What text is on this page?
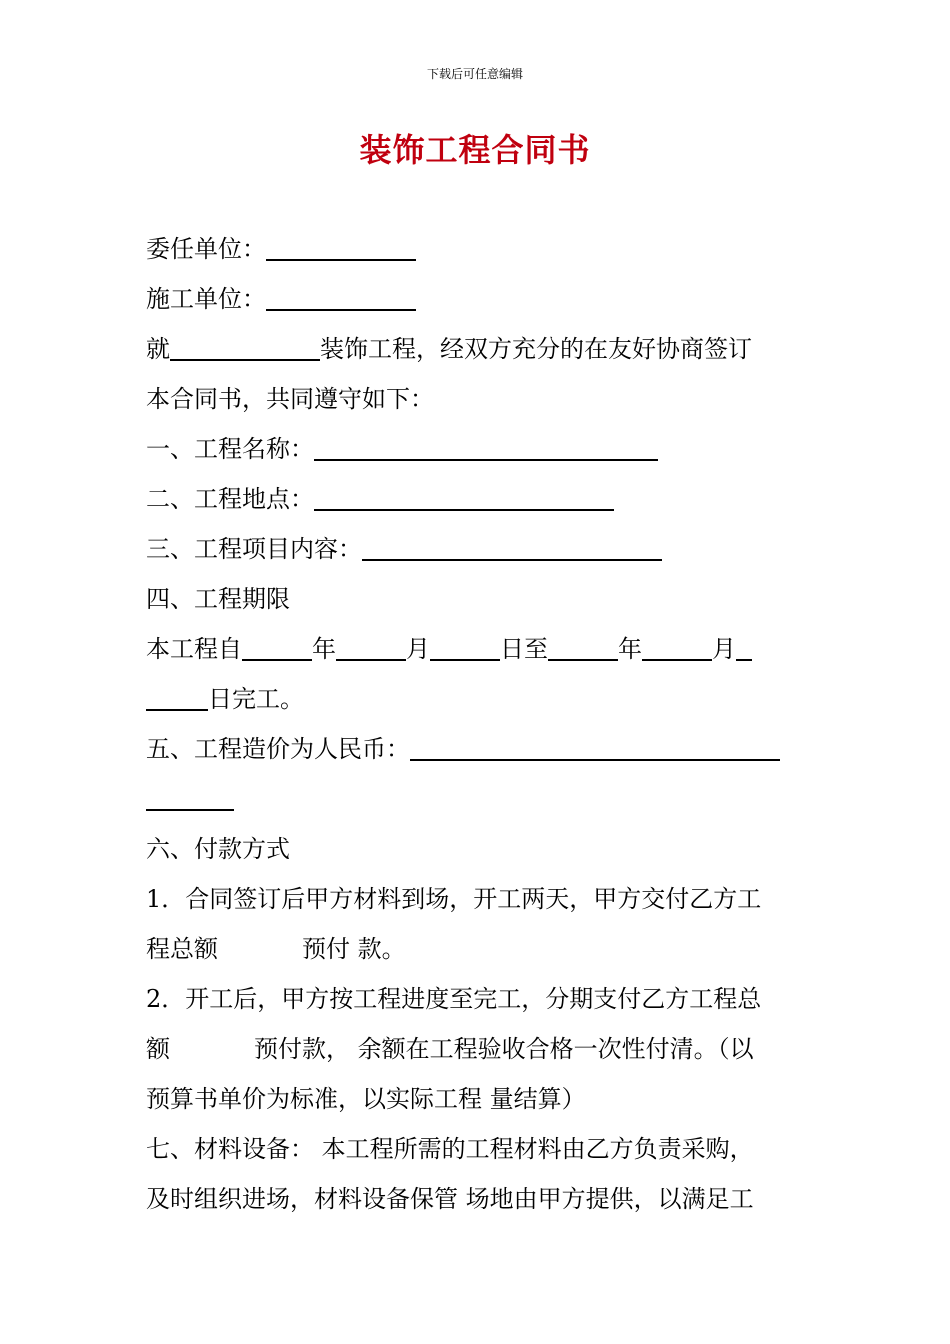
下载后可任意编辑
装饰工程合同书
委任单位：
施工单位：
就	装饰工程，经双方充分的在友好协商签订
本合同书，共同遵守如下：
一、工程名称：
二、工程地点：
三、工程项目内容：
四、工程期限
本工程自	年	月	日至	年	月
日完工。
五、工程造价为人民币：
六、付款方式
1．合同签订后甲方材料到场，开工两天，甲方交付乙方工
程总额	预付 款。
2．开工后，甲方按工程进度至完工，分期支付乙方工程总
额	预付款， 余额在工程验收合格一次性付清。（以
预算书单价为标准，以实际工程 量结算）
七、材料设备： 本工程所需的工程材料由乙方负责采购，
及时组织进场，材料设备保管 场地由甲方提供，以满足工
